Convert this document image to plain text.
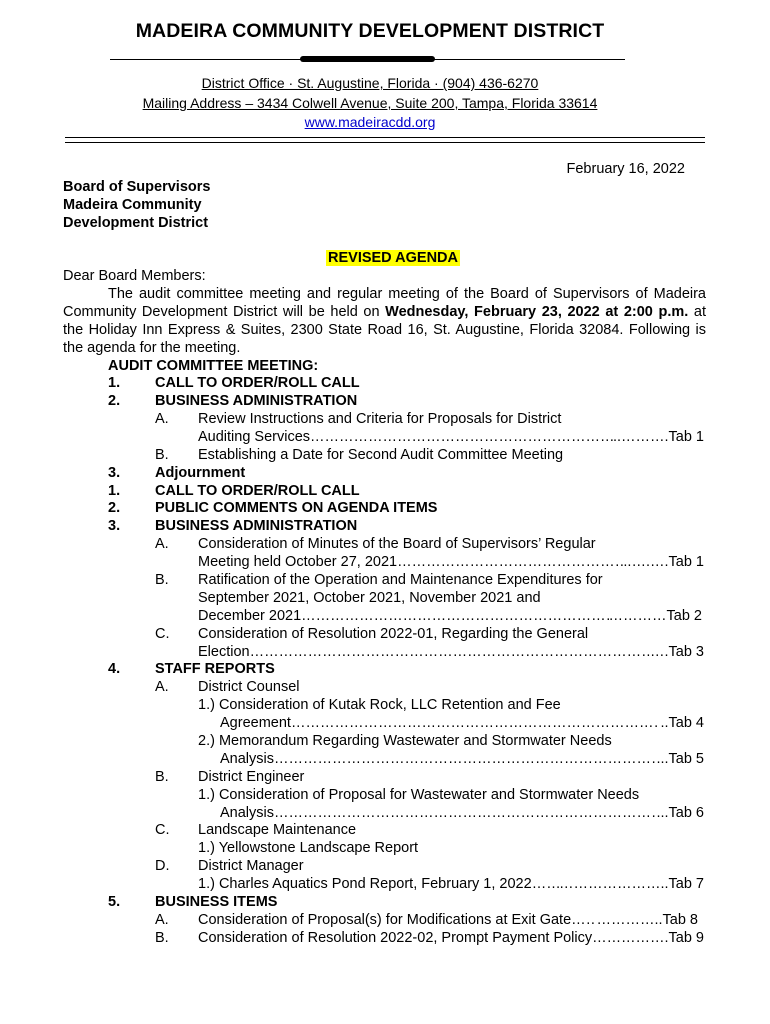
MADEIRA COMMUNITY DEVELOPMENT DISTRICT
District Office · St. Augustine, Florida · (904) 436-6270
Mailing Address – 3434 Colwell Avenue, Suite 200, Tampa, Florida 33614
www.madeiracdd.org
February 16, 2022
Board of Supervisors
Madeira Community
Development District
REVISED AGENDA
Dear Board Members:
The audit committee meeting and regular meeting of the Board of Supervisors of Madeira Community Development District will be held on Wednesday, February 23, 2022 at 2:00 p.m. at the Holiday Inn Express & Suites, 2300 State Road 16, St. Augustine, Florida 32084. Following is the agenda for the meeting.
AUDIT COMMITTEE MEETING:
1. CALL TO ORDER/ROLL CALL
2. BUSINESS ADMINISTRATION
A. Review Instructions and Criteria for Proposals for District
Auditing Services ……………………………………………………………………………………………………………………………………………………	..……….Tab 1
B. Establishing a Date for Second Audit Committee Meeting
3. Adjournment
1. CALL TO ORDER/ROLL CALL
2. PUBLIC COMMENTS ON AGENDA ITEMS
3. BUSINESS ADMINISTRATION
A. Consideration of Minutes of the Board of Supervisors’ Regular
Meeting held October 27, 2021 ……………………………………………………………………………………………………………………………………………………	..….….Tab 1
B. Ratification of the Operation and Maintenance Expenditures for
September 2021, October 2021, November 2021 and
December 2021 ……………………………………………………………………………………………………………………………………………………	…………Tab 2
C. Consideration of Resolution 2022-01, Regarding the General
Election ……………………………………………………………………………………………………………………………………………………	….Tab 3
4. STAFF REPORTS
A. District Counsel
1.) Consideration of Kutak Rock, LLC Retention and Fee
Agreement ……………………………………………………………………………………………………………………………………………………	..Tab 4
2.) Memorandum Regarding Wastewater and Stormwater Needs
Analysis ……………………………………………………………………………………………………………………………………………………	...Tab 5
B. District Engineer
1.) Consideration of Proposal for Wastewater and Stormwater Needs
Analysis ……………………………………………………………………………………………………………………………………………………	...Tab 6
C. Landscape Maintenance
1.) Yellowstone Landscape Report
D. District Manager
1.) Charles Aquatics Pond Report, February 1, 2022 …………………………………………………………………………………………………………………………………………………… …………………..Tab 7
5. BUSINESS ITEMS
A. Consideration of Proposal(s) for Modifications at Exit Gate …………………………………………………………………………………………………………………………………………………… …………..Tab 8
B. Consideration of Resolution 2022-02, Prompt Payment Policy …………………………………………………………………………………………………………………………………………………… ……….Tab 9
